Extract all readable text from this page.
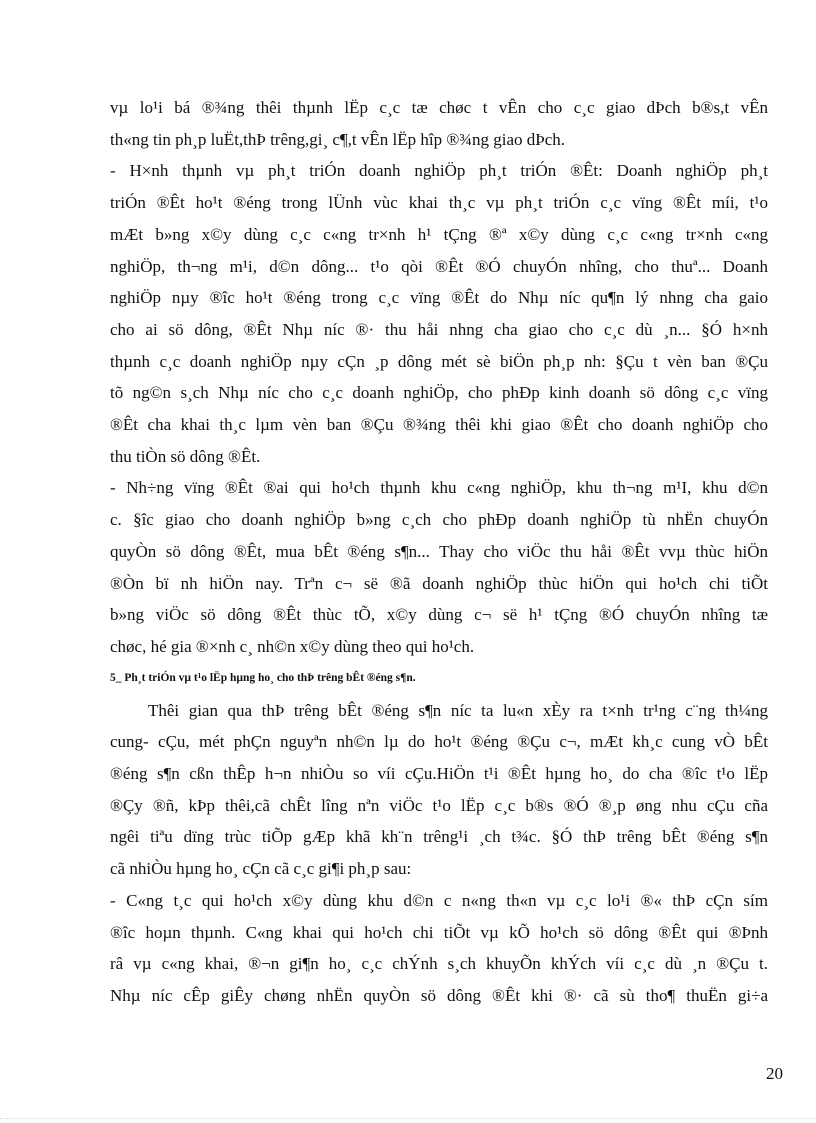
vµ lo¹i bá ®¾ng thêi thµnh lËp c¸c tæ chøc t vÊn cho c¸c giao dÞch b®s,t vÊn
th«ng tin ph¸p luËt,thÞ trêng,gi¸ c¶,t vÊn lËp hîp ®¾ng giao dÞch.

- H×nh thµnh vµ ph¸t triÓn doanh nghiÖp ph¸t triÓn ®Êt: Doanh nghiÖp ph¸t
triÓn ®Êt ho¹t ®éng trong lÜnh vùc khai th¸c vµ ph¸t triÓn c¸c vïng ®Êt míi, t¹o
mÆt b»ng x©y dùng c¸c c«ng tr×nh h¹ tÇng ®ª x©y dùng c¸c c«ng tr×nh c«ng
nghiÖp, th¬ng m¹i, d©n dông... t¹o qòi ®Êt ®Ó chuyÓn nhîng, cho thuª... Doanh
nghiÖp nµy ®îc ho¹t ®éng trong c¸c vïng ®Êt do Nhµ níc qu¶n lý nhng cha gaio
cho ai sö dông, ®Êt Nhµ níc ®· thu håi nhng cha giao cho c¸c dù ¸n... §Ó h×nh
thµnh c¸c doanh nghiÖp nµy cÇn ¸p dông mét sè biÖn ph¸p nh: §Çu t vèn ban ®Çu
tõ ng©n s¸ch Nhµ níc cho c¸c doanh nghiÖp, cho phÐp kinh doanh sö dông c¸c vïng
®Êt cha khai th¸c lµm vèn ban ®Çu ®¾ng thêi khi giao ®Êt cho doanh nghiÖp cho
thu tiÒn sö dông ®Êt.

- Nh÷ng vïng ®Êt ®ai qui ho¹ch thµnh khu c«ng nghiÖp, khu th¬ng m¹I, khu d©n
c. §îc giao cho doanh nghiÖp b»ng c¸ch cho phÐp doanh nghiÖp tù nhËn chuyÓn
quyÒn sö dông ®Êt, mua bÊt ®éng s¶n... Thay cho viÖc thu håi ®Êt vvµ thùc hiÖn
®Òn bï nh hiÖn nay. Trªn c¬ së ®ã doanh nghiÖp thùc hiÖn qui ho¹ch chi tiÕt
b»ng viÖc sö dông ®Êt thùc tÕ, x©y dùng c¬ së h¹ tÇng ®Ó chuyÓn nhîng tæ
chøc, hé gia ®×nh c¸ nh©n x©y dùng theo qui ho¹ch.

5_ Ph¸t triÓn vµ t¹o lËp hµng ho¸ cho thÞ trêng bÊt ®éng s¶n.

Thêi gian qua thÞ trêng bÊt ®éng s¶n níc ta lu«n xÈy ra t×nh tr¹ng c¨ng th¼ng
cung- cÇu, mét phÇn nguyªn nh©n lµ do ho¹t ®éng ®Çu c¬, mÆt kh¸c cung vÒ bÊt
®éng s¶n cßn thÊp h¬n nhiÒu so víi cÇu.HiÖn t¹i ®Êt hµng ho¸ do cha ®îc t¹o lËp
®Çy ®ñ, kÞp thêi,cã chÊt lîng nªn viÖc t¹o lËp c¸c b®s ®Ó ®¸p øng nhu cÇu cña
ngêi tiªu dïng trùc tiÕp gÆp khã kh¨n trêng¹i ¸ch t¾c. §Ó thÞ trêng bÊt ®éng s¶n
cã nhiÒu hµng ho¸ cÇn cã c¸c gi¶i ph¸p sau:

- C«ng t¸c qui ho¹ch x©y dùng khu d©n c n«ng th«n vµ c¸c lo¹i ®« thÞ cÇn sím
®îc hoµn thµnh. C«ng khai qui ho¹ch chi tiÕt vµ kÕ ho¹ch sö dông ®Êt qui ®Þnh
râ vµ c«ng khai, ®¬n gi¶n ho¸ c¸c chÝnh s¸ch khuyÕn khÝch víi c¸c dù ¸n ®Çu t.
Nhµ níc cÊp giÊy chøng nhËn quyÒn sö dông ®Êt khi ®· cã sù tho¶ thuËn gi÷a

20
